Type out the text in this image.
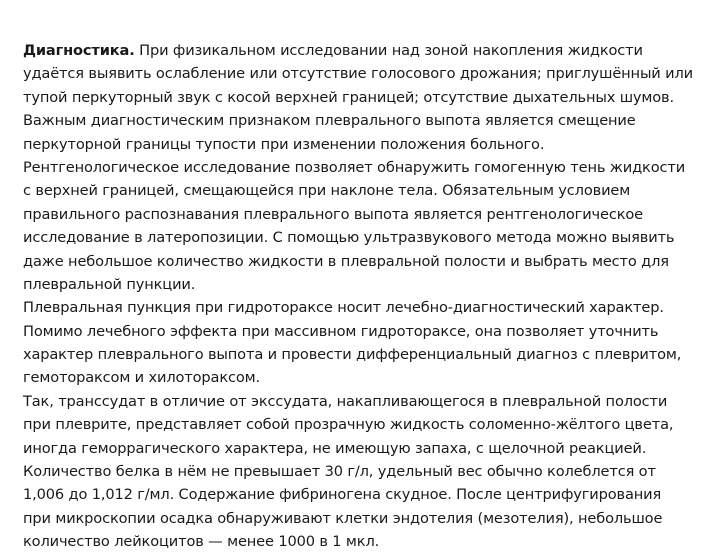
Диагностика. При физикальном исследовании над зоной накопления жидкости
удаётся выявить ослабление или отсутствие голосового дрожания; приглушённый или
тупой перкуторный звук с косой верхней границей; отсутствие дыхательных шумов.
Важным диагностическим признаком плеврального выпота является смещение
перкуторной границы тупости при изменении положения больного.
Рентгенологическое исследование позволяет обнаружить гомогенную тень жидкости
с верхней границей, смещающейся при наклоне тела. Обязательным условием
правильного распознавания плеврального выпота является рентгенологическое
исследование в латеропозиции. С помощью ультразвукового метода можно выявить
даже небольшое количество жидкости в плевральной полости и выбрать место для
плевральной пункции.
Плевральная пункция при гидротораксе носит лечебно-диагностический характер.
Помимо лечебного эффекта при массивном гидротораксе, она позволяет уточнить
характер плеврального выпота и провести дифференциальный диагноз с плевритом,
гемотораксом и хилотораксом.
Так, транссудат в отличие от экссудата, накапливающегося в плевральной полости
при плеврите, представляет собой прозрачную жидкость соломенно-жёлтого цвета,
иногда геморрагического характера, не имеющую запаха, с щелочной реакцией.
Количество белка в нём не превышает 30 г/л, удельный вес обычно колеблется от
1,006 до 1,012 г/мл. Содержание фибриногена скудное. После центрифугирования
при микроскопии осадка обнаруживают клетки эндотелия (мезотелия), небольшое
количество лейкоцитов — менее 1000 в 1 мкл.
